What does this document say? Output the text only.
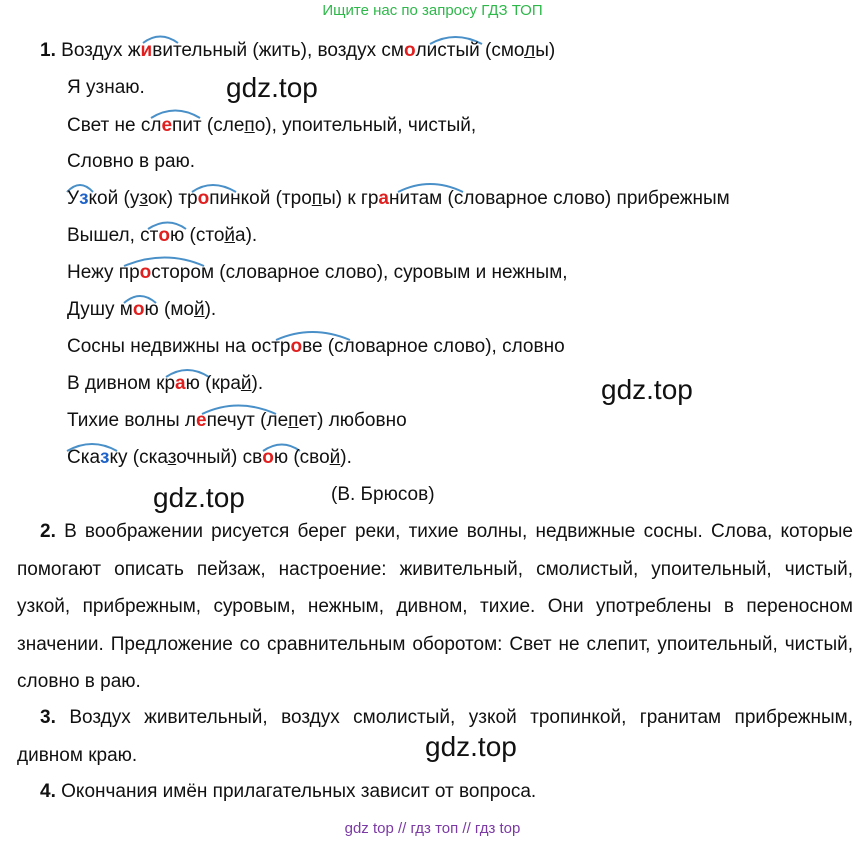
Ищите нас по запросу ГДЗ ТОП
1. Воздух живительный (жить), воздух смолистый (смолы)
Я узнаю.
Свет не слепит (слепо), упоительный, чистый,
Словно в раю.
Узкой (узок) тропинкой (тропы) к гранитам (словарное слово) прибрежным
Вышел, стою (стойа).
Нежу простором (словарное слово), суровым и нежным,
Душу мою (мой).
Сосны недвижны на острове (словарное слово), словно
В дивном краю (край).
Тихие волны лепечут (лепет) любовно
Сказку (сказочный) свою (свой).
(В. Брюсов)
gdz.top
gdz.top
gdz.top
gdz.top
2. В воображении рисуется берег реки, тихие волны, недвижные сосны. Слова, которые помогают описать пейзаж, настроение: живительный, смолистый, упоительный, чистый, узкой, прибрежным, суровым, нежным, дивном, тихие. Они употреблены в переносном значении. Предложение со сравнительным оборотом: Свет не слепит, упоительный, чистый, словно в раю.
3. Воздух живительный, воздух смолистый, узкой тропинкой, гранитам прибрежным, дивном краю.
4. Окончания имён прилагательных зависит от вопроса.
gdz top // гдз топ // гдз top
